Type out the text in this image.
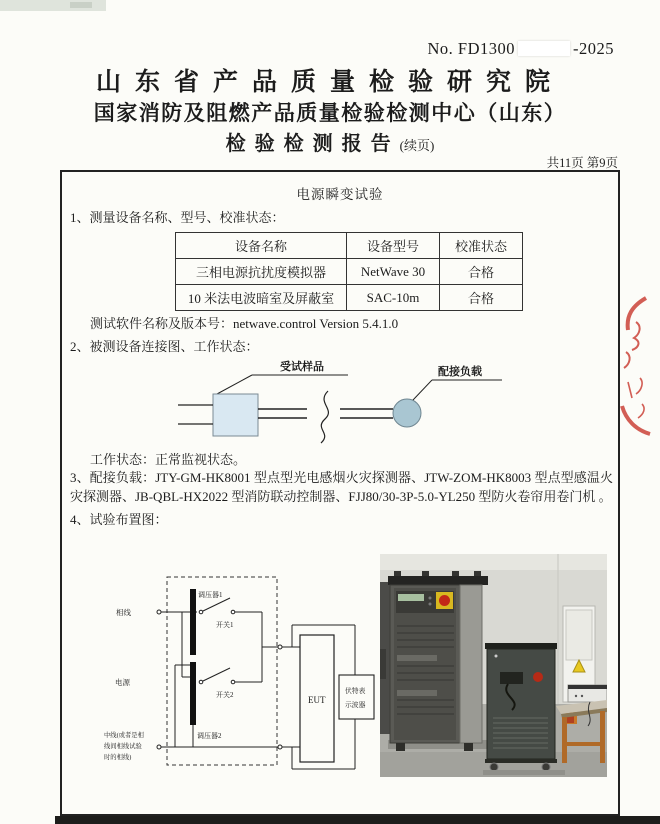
No. FD1300	-2025
山东省产品质量检验研究院
国家消防及阻燃产品质量检验检测中心（山东）
检验检测报告(续页)
共11页 第9页
电源瞬变试验
1、测量设备名称、型号、校准状态：
设备名称	设备型号	校准状态
三相电源抗扰度模拟器	NetWave 30	合格
10 米法电波暗室及屏蔽室	SAC-10m	合格
测试软件名称及版本号：netwave.control Version 5.4.1.0
2、被测设备连接图、工作状态：
受试样品	配接负载
工作状态：正常监视状态。
3、配接负载：JTY-GM-HK8001 型点型光电感烟火灾探测器、JTW-ZOM-HK8003 型点型感温火灾探测器、JB-QBL-HX2022 型消防联动控制器、FJJ80/30-3P-5.0-YL250 型防火卷帘用卷门机 。
4、试验布置图：
相线
调压器1
开关1
调压器2
开关2
电源
中线(或者是相
线间相线试验
时的相线)
EUT
伏特表
示波器
